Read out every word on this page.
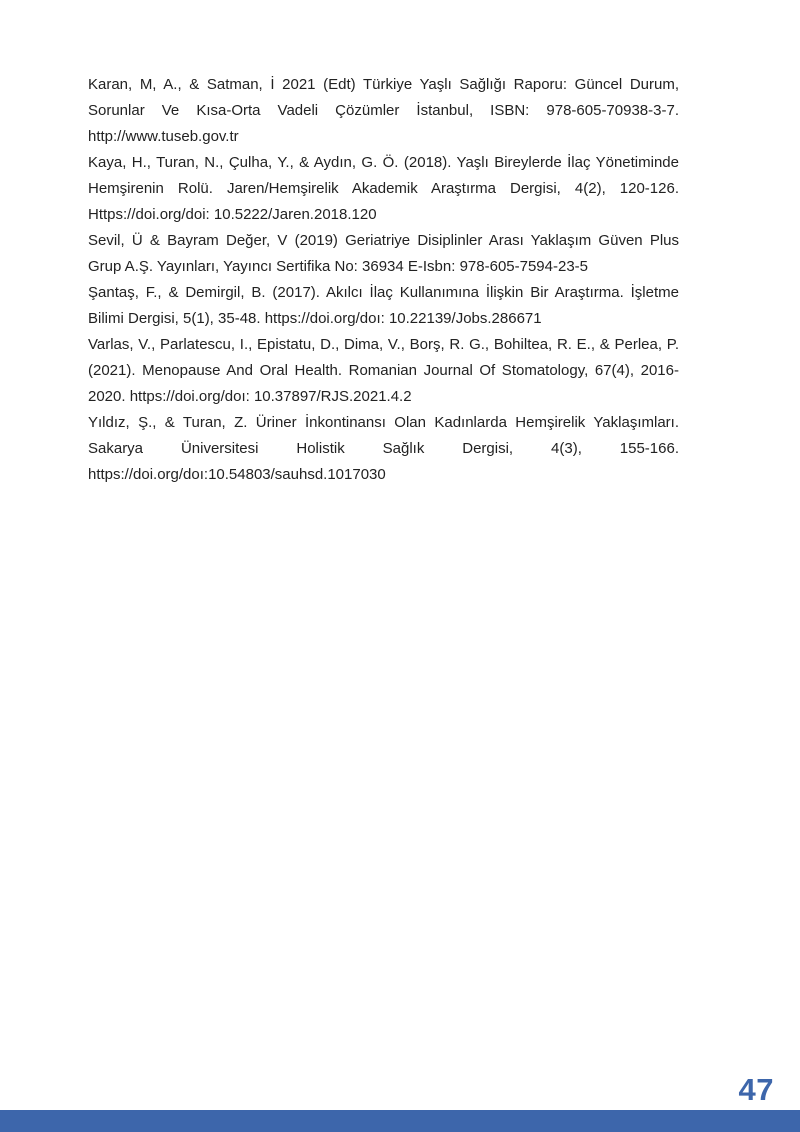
Karan, M, A., & Satman, İ 2021 (Edt) Türkiye Yaşlı Sağlığı Raporu: Güncel Durum, Sorunlar Ve Kısa-Orta Vadeli Çözümler İstanbul, ISBN: 978-605-70938-3-7. http://www.tuseb.gov.tr

Kaya, H., Turan, N., Çulha, Y., & Aydın, G. Ö. (2018). Yaşlı Bireylerde İlaç Yönetiminde Hemşirenin Rolü. Jaren/Hemşirelik Akademik Araştırma Dergisi, 4(2), 120-126. Https://doi.org/doi: 10.5222/Jaren.2018.120

Sevil, Ü & Bayram Değer, V (2019) Geriatriye Disiplinler Arası Yaklaşım Güven Plus Grup A.Ş. Yayınları, Yayıncı Sertifika No: 36934 E-Isbn: 978-605-7594-23-5

Şantaş, F., & Demirgil, B. (2017). Akılcı İlaç Kullanımına İlişkin Bir Araştırma. İşletme Bilimi Dergisi, 5(1), 35-48. https://doi.org/doı: 10.22139/Jobs.286671

Varlas, V., Parlatescu, I., Epistatu, D., Dima, V., Borş, R. G., Bohiltea, R. E., & Perlea, P. (2021). Menopause And Oral Health. Romanian Journal Of Stomatology, 67(4), 2016-2020. https://doi.org/doı: 10.37897/RJS.2021.4.2

Yıldız, Ş., & Turan, Z. Üriner İnkontinansı Olan Kadınlarda Hemşirelik Yaklaşımları. Sakarya Üniversitesi Holistik Sağlık Dergisi, 4(3), 155-166. https://doi.org/doı:10.54803/sauhsd.1017030

47
